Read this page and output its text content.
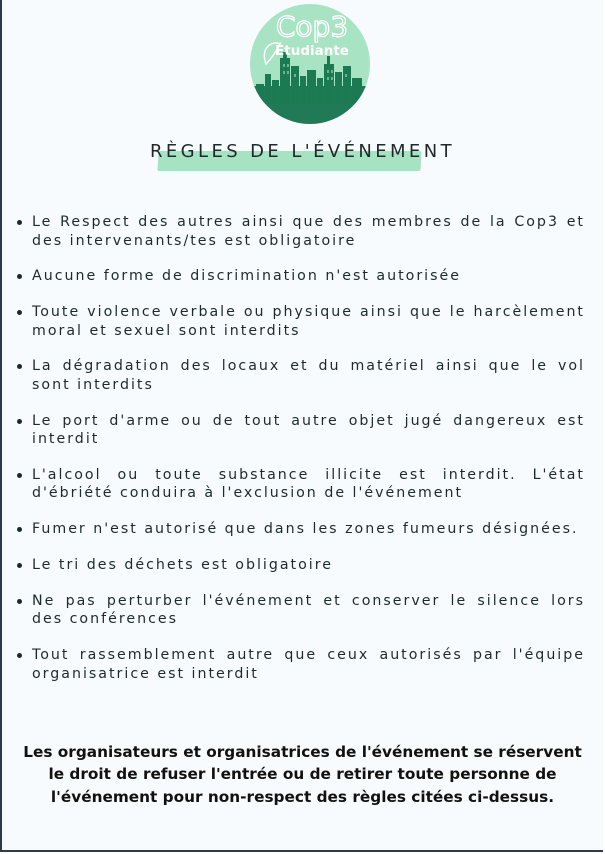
Cop3
Étudiante
RÈGLES DE L'ÉVÉNEMENT
Le Respect des autres ainsi que des membres de la Cop3 et des intervenants/tes est obligatoire
Aucune forme de discrimination n'est autorisée
Toute violence verbale ou physique ainsi que le harcèlement moral et sexuel sont interdits
La dégradation des locaux et du matériel ainsi que le vol sont interdits
Le port d'arme ou de tout autre objet jugé dangereux est interdit
L'alcool ou toute substance illicite est interdit. L'état d'ébriété conduira à l'exclusion de l'événement
Fumer n'est autorisé que dans les zones fumeurs désignées.
Le tri des déchets est obligatoire
Ne pas perturber l'événement et conserver le silence lors des conférences
Tout rassemblement autre que ceux autorisés par l'équipe organisatrice est interdit

Les organisateurs et organisatrices de l'événement se réservent le droit de refuser l'entrée ou de retirer toute personne de l'événement pour non-respect des règles citées ci-dessus.
